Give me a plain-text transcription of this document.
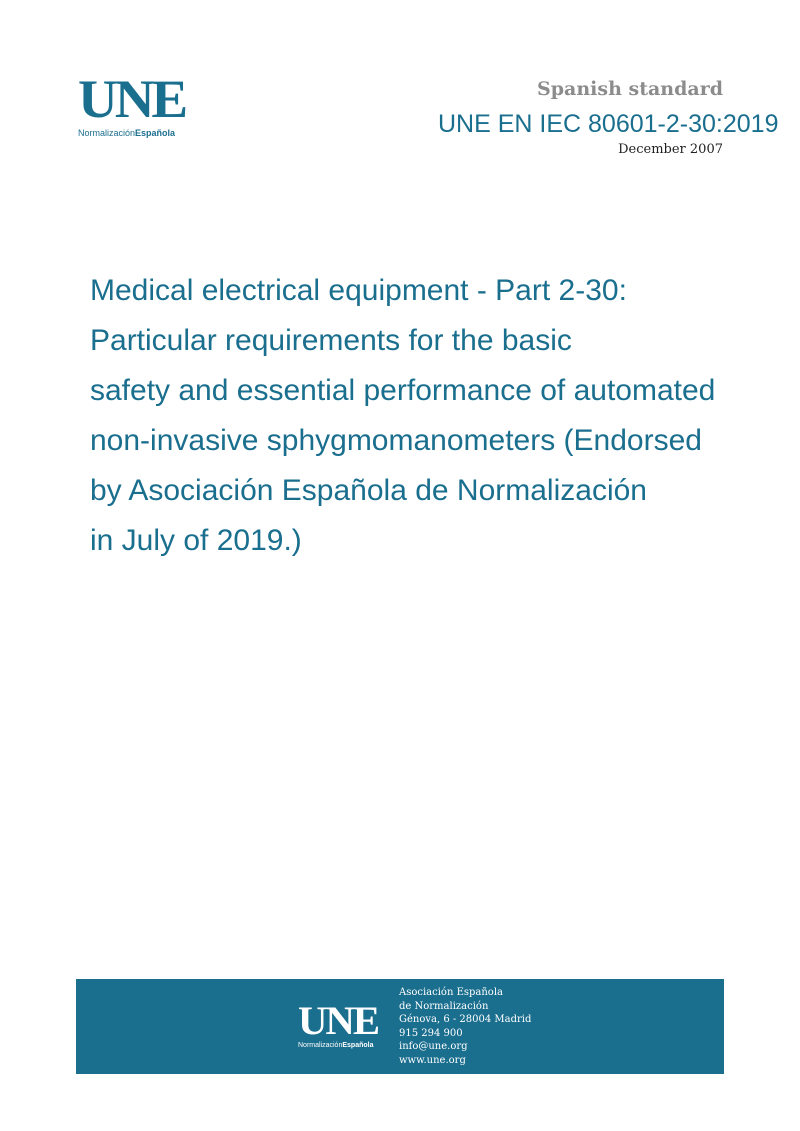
UNE
NormalizaciónEspañola
Spanish standard
UNE EN IEC 80601-2-30:2019
December 2007
Medical electrical equipment - Part 2-30:
Particular requirements for the basic
safety and essential performance of automated
non-invasive sphygmomanometers (Endorsed
by Asociación Española de Normalización
in July of 2019.)
UNE
NormalizaciónEspañola
Asociación Española
de Normalización
Génova, 6 - 28004 Madrid
915 294 900
info@une.org
www.une.org
